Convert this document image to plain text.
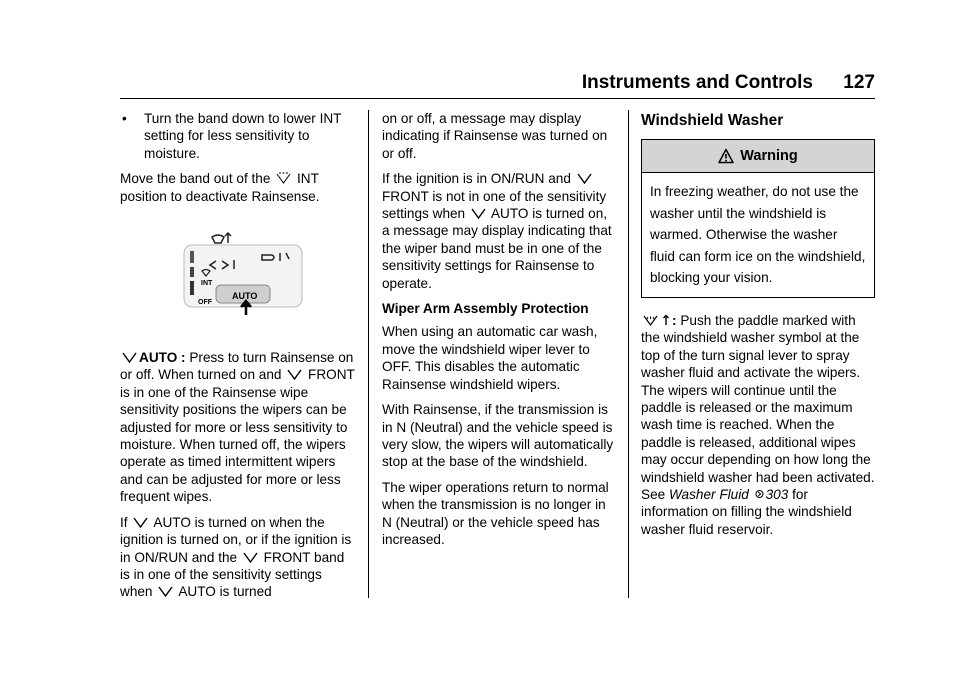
Instruments and Controls 127
• Turn the band down to lower INT setting for less sensitivity to moisture.

Move the band out of the INT position to deactivate Rainsense.

INT
OFF
AUTO

AUTO : Press to turn Rainsense on or off. When turned on and FRONT is in one of the Rainsense wipe sensitivity positions the wipers can be adjusted for more or less sensitivity to moisture. When turned off, the wipers operate as timed intermittent wipers and can be adjusted for more or less frequent wipes.

If AUTO is turned on when the ignition is turned on, or if the ignition is in ON/RUN and the FRONT band is in one of the sensitivity settings when AUTO is turned

on or off, a message may display indicating if Rainsense was turned on or off.

If the ignition is in ON/RUN and
FRONT is not in one of the sensitivity settings when AUTO is turned on, a message may display indicating that the wiper band must be in one of the sensitivity settings for Rainsense to operate.

Wiper Arm Assembly Protection

When using an automatic car wash, move the windshield wiper lever to OFF. This disables the automatic Rainsense windshield wipers.

With Rainsense, if the transmission is in N (Neutral) and the vehicle speed is very slow, the wipers will automatically stop at the base of the windshield.

The wiper operations return to normal when the transmission is no longer in N (Neutral) or the vehicle speed has increased.

Windshield Washer
Warning
In freezing weather, do not use the washer until the windshield is warmed. Otherwise the washer fluid can form ice on the windshield, blocking your vision.

: Push the paddle marked with the windshield washer symbol at the top of the turn signal lever to spray washer fluid and activate the wipers. The wipers will continue until the paddle is released or the maximum wash time is reached. When the paddle is released, additional wipes may occur depending on how long the windshield washer had been activated. See Washer Fluid 303 for information on filling the windshield washer fluid reservoir.
